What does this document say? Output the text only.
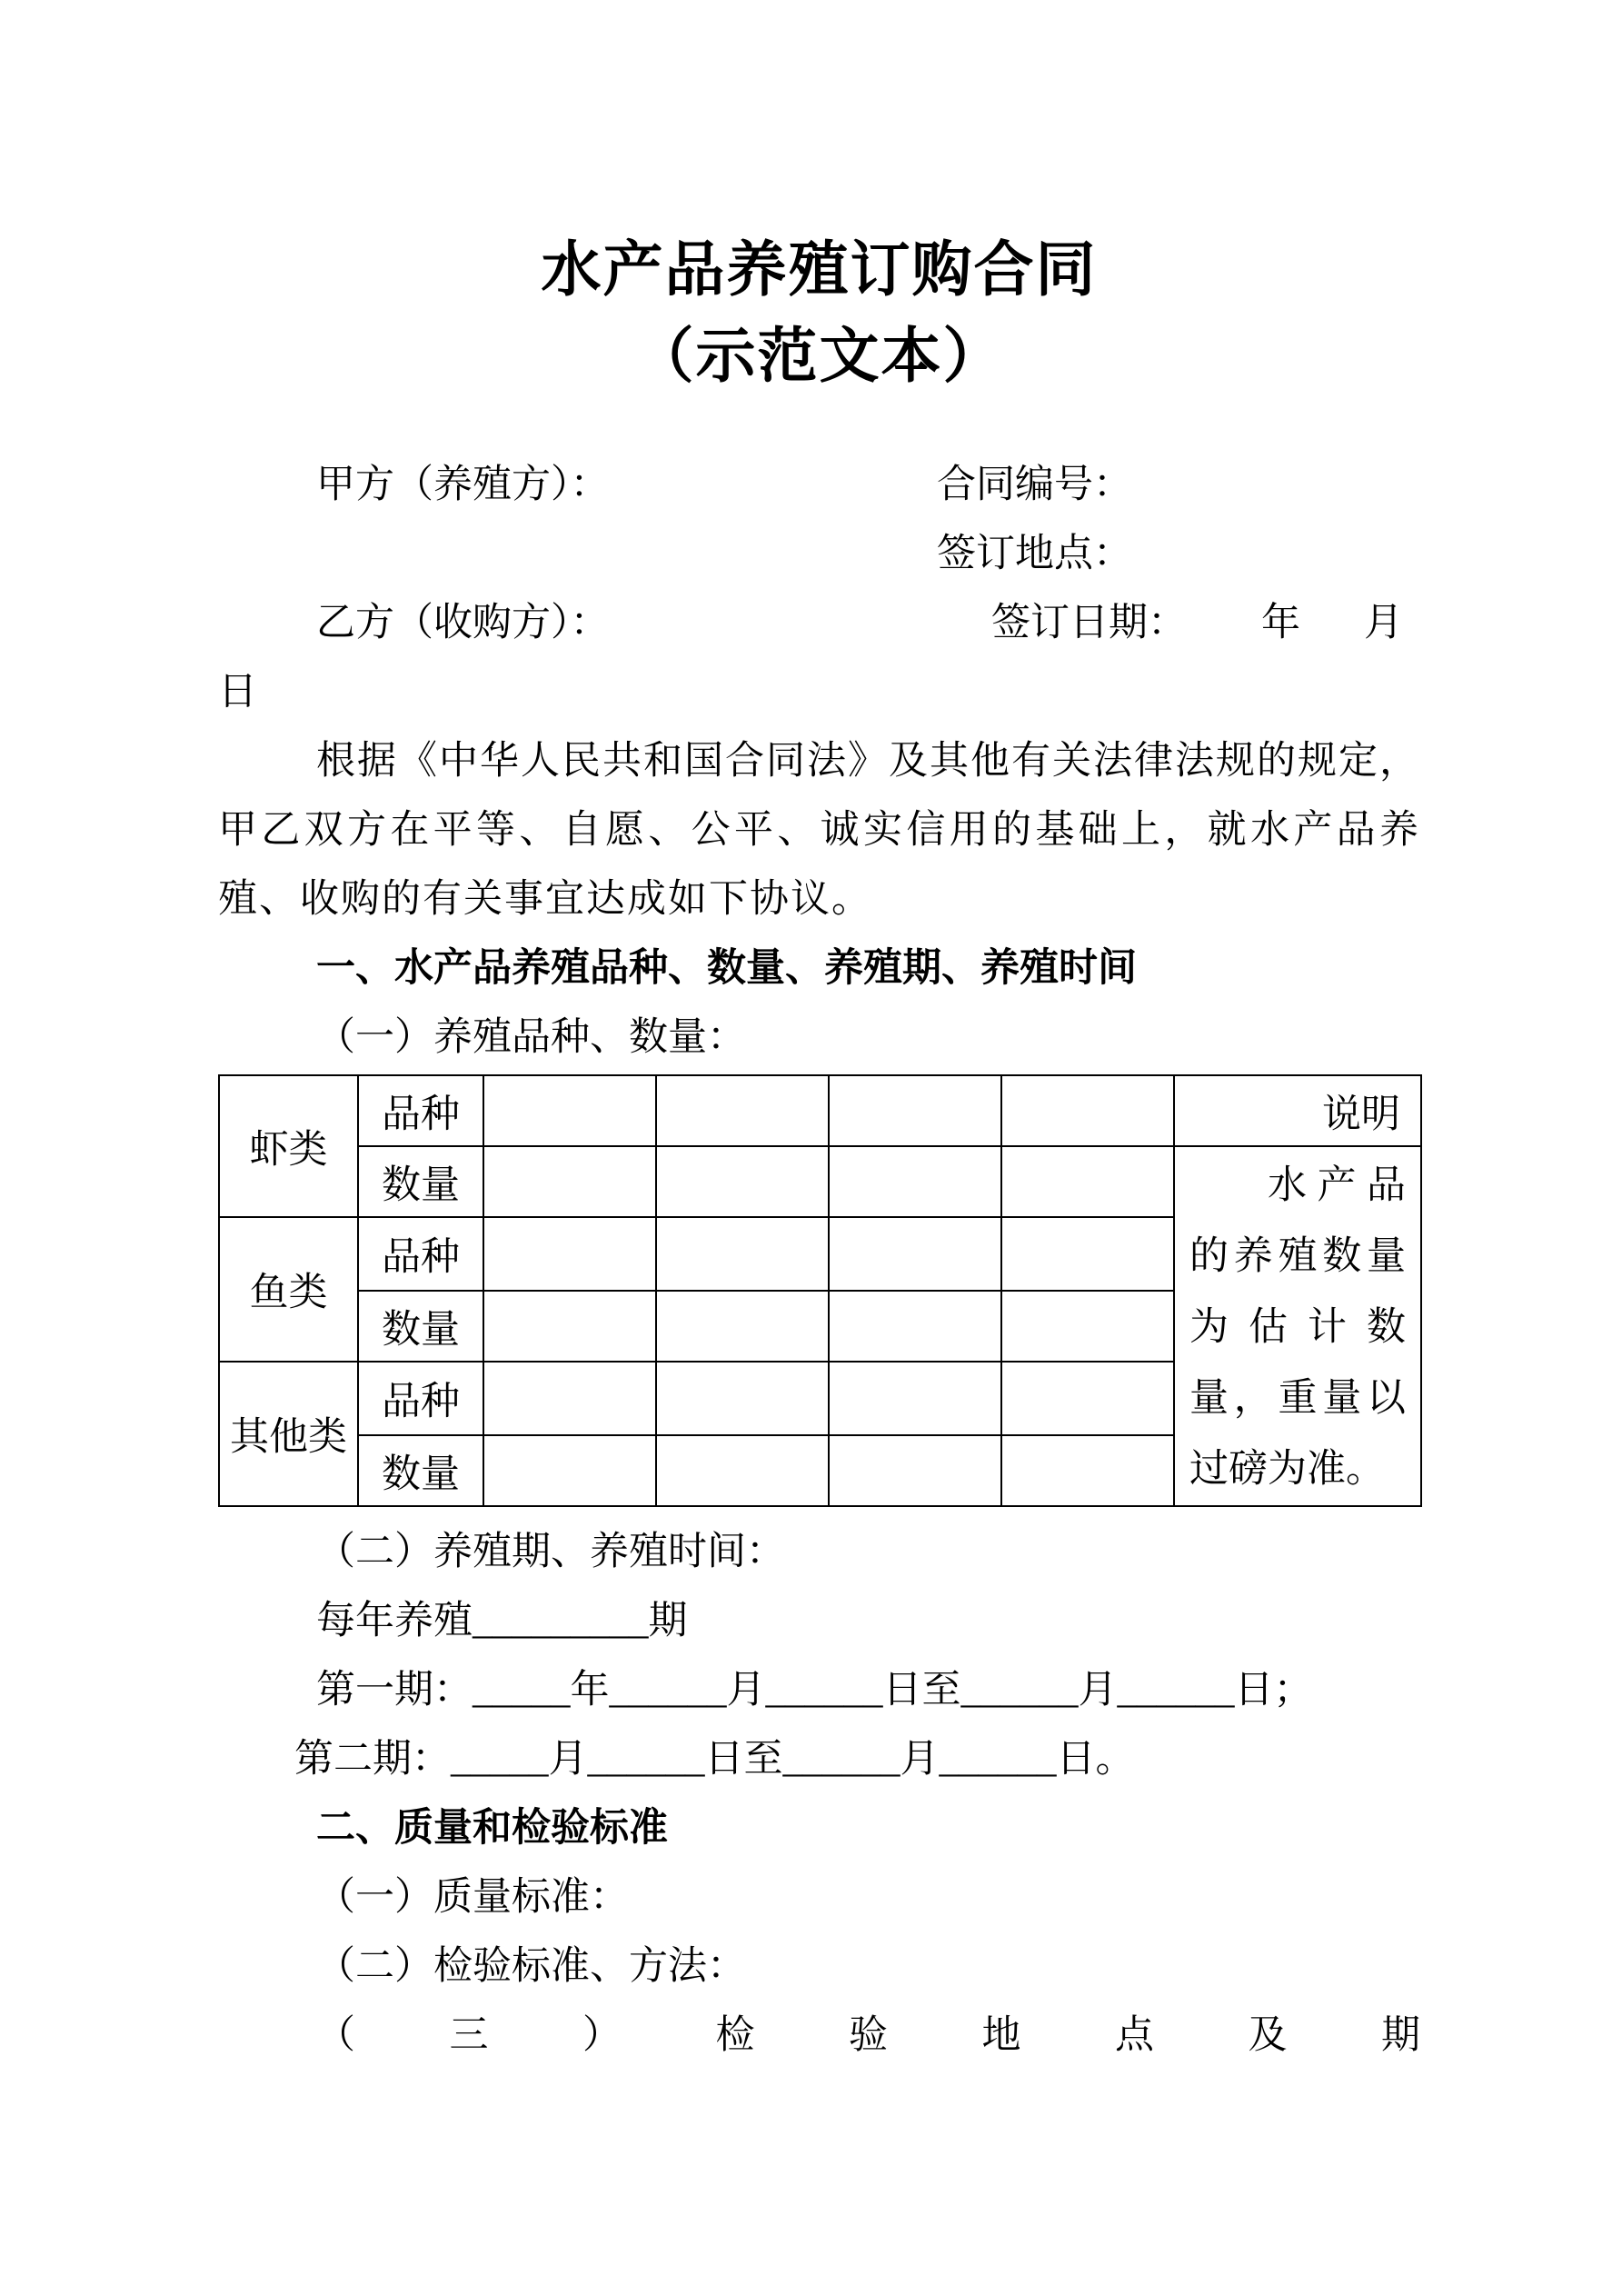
水产品养殖订购合同
（示范文本）
甲方（养殖方）：	合同编号：
签订地点：

乙方（收购方）：	签订日期： 年 月
日
根据《中华人民共和国合同法》及其他有关法律法规的规定，甲乙双方在平等、自愿、公平、诚实信用的基础上，就水产品养殖、收购的有关事宜达成如下协议。
一、水产品养殖品种、数量、养殖期、养殖时间
（一）养殖品种、数量：
虾类	品种					说明
	数量					水产品的养殖数量为估计数量，重量以过磅为准。
鱼类	品种					
	数量					
其他类	品种					
	数量					
（二）养殖期、养殖时间：
每年养殖_________期
第一期：_____年______月______日至______月______日；
第二期：_____月______日至______月______日。
二、质量和检验标准
（一）质量标准：
（二）检验标准、方法：
（三）检验地点及期
